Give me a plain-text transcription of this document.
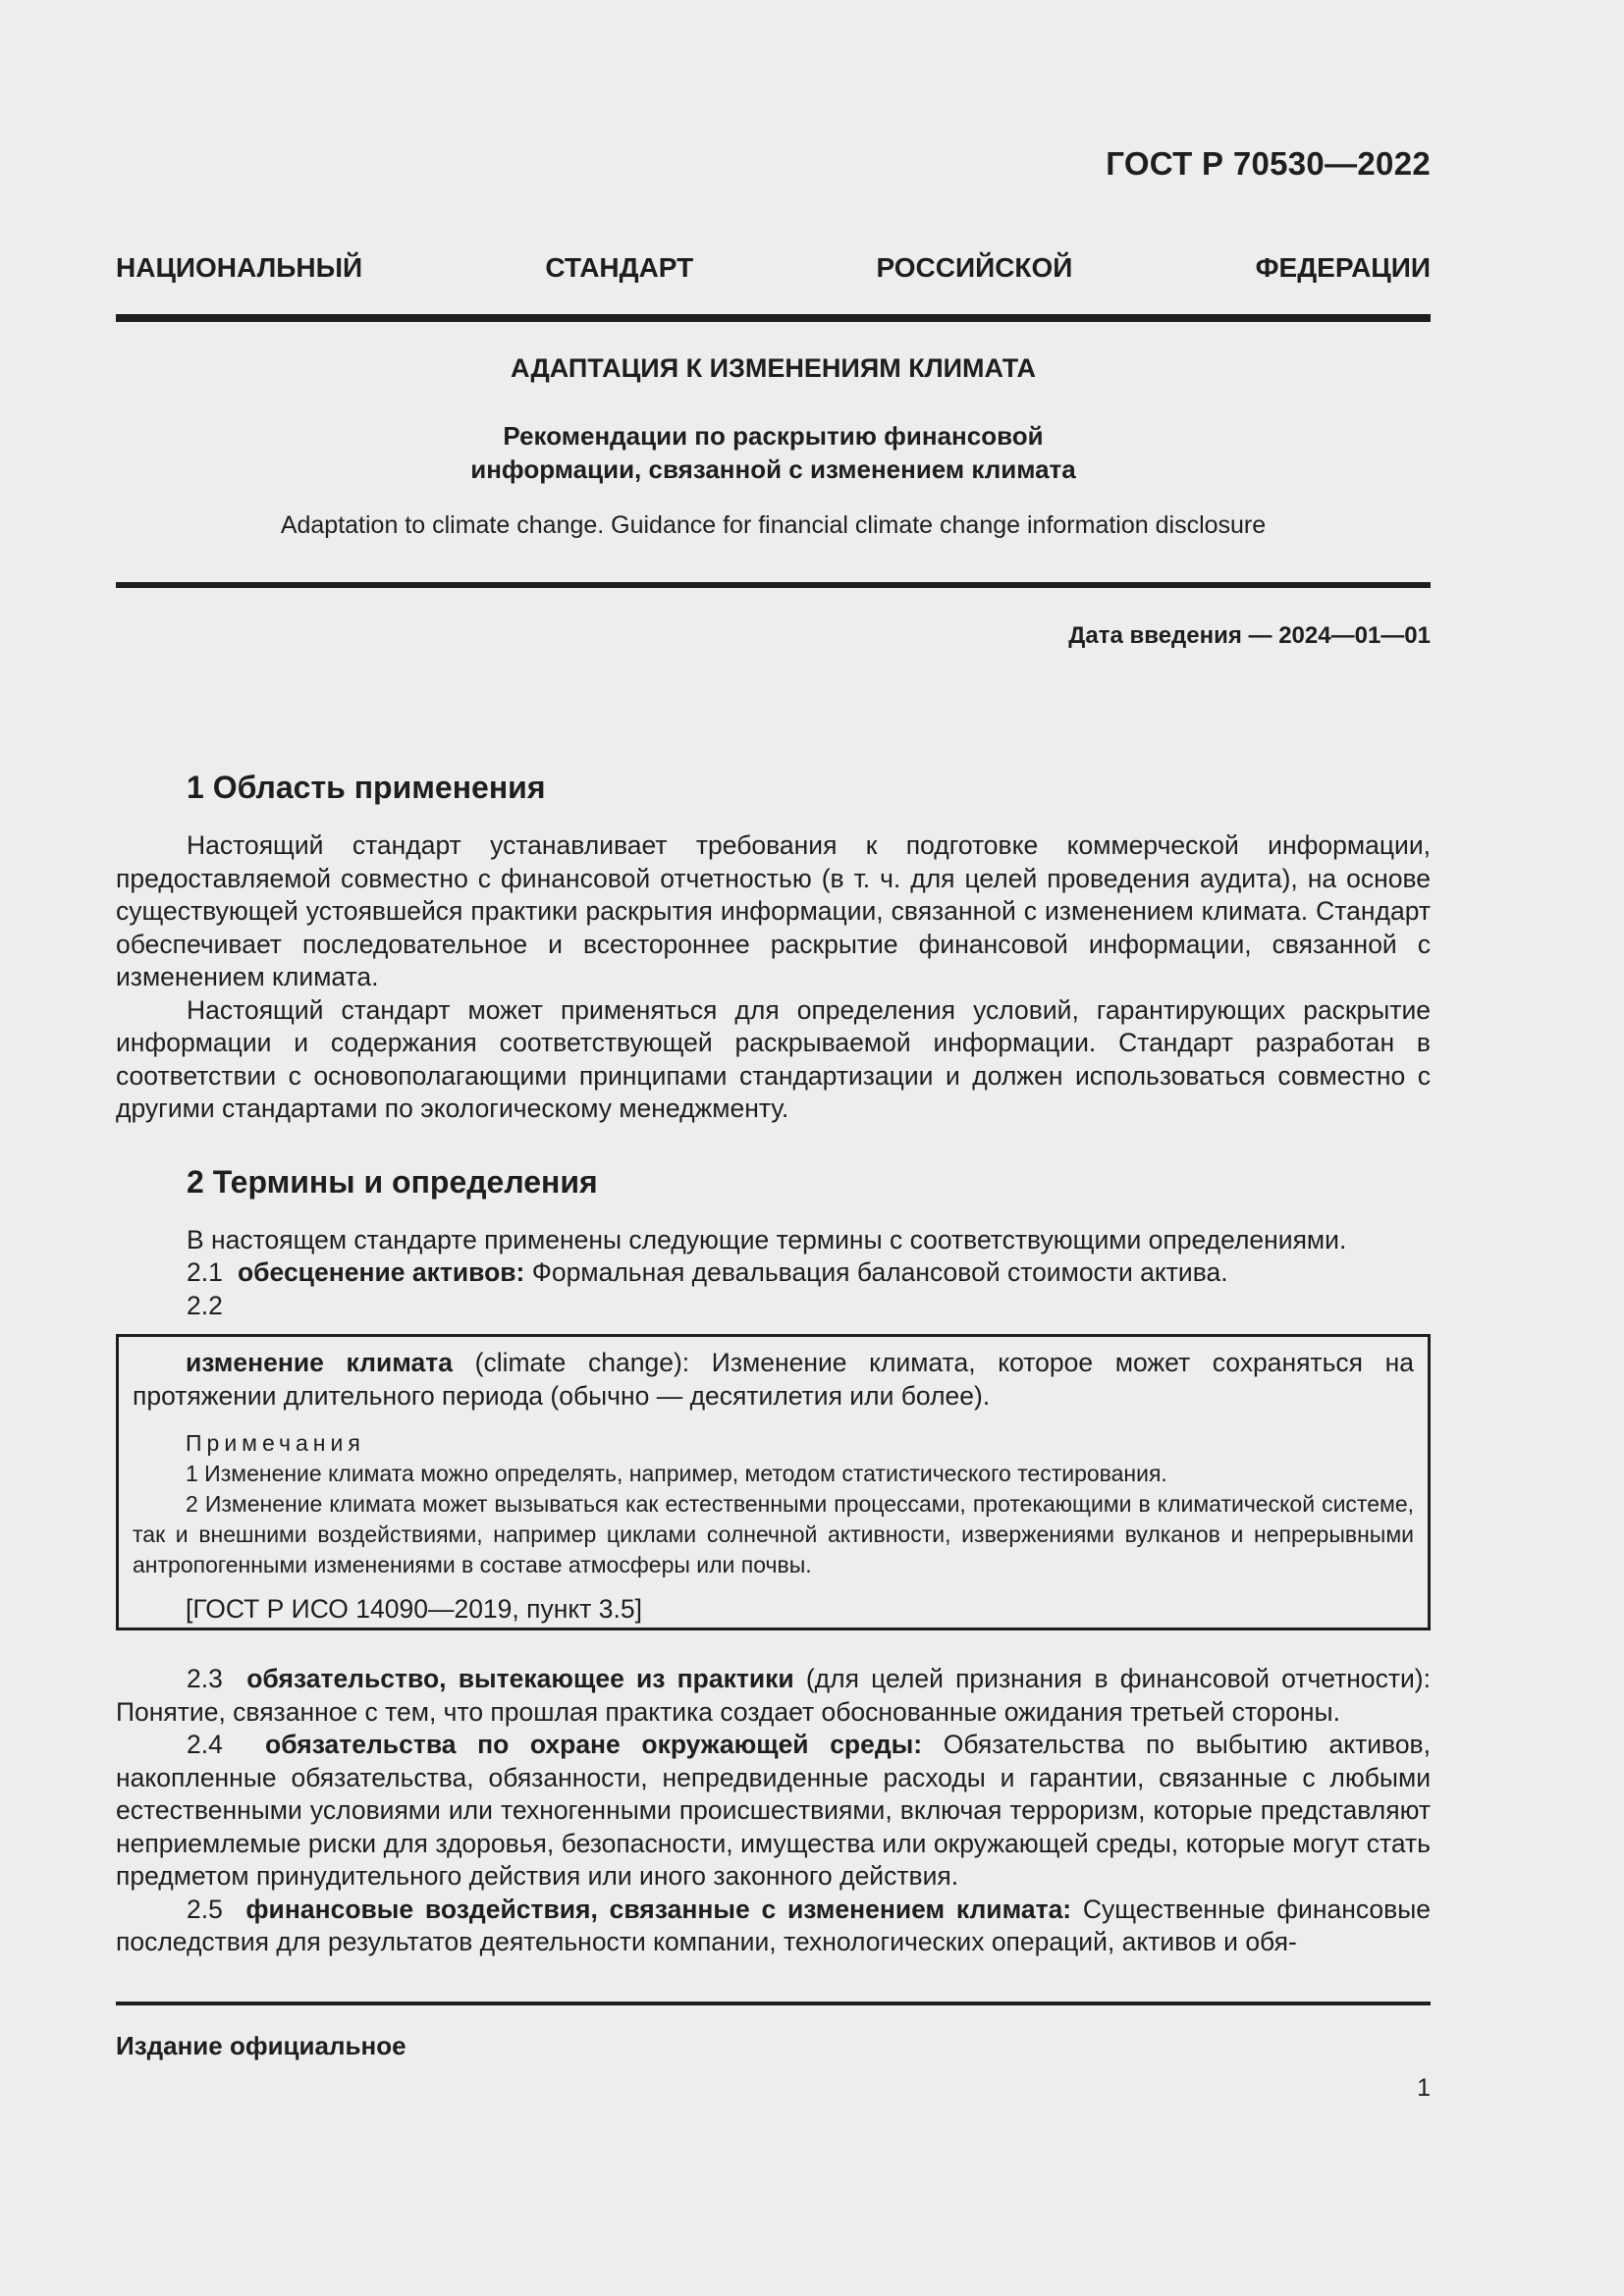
ГОСТ Р 70530—2022
НАЦИОНАЛЬНЫЙ СТАНДАРТ РОССИЙСКОЙ ФЕДЕРАЦИИ
АДАПТАЦИЯ К ИЗМЕНЕНИЯМ КЛИМАТА
Рекомендации по раскрытию финансовой
информации, связанной с изменением климата
Adaptation to climate change. Guidance for financial climate change information disclosure
Дата введения — 2024—01—01
1 Область применения

Настоящий стандарт устанавливает требования к подготовке коммерческой информации, предоставляемой совместно с финансовой отчетностью (в т. ч. для целей проведения аудита), на основе существующей устоявшейся практики раскрытия информации, связанной с изменением климата. Стандарт обеспечивает последовательное и всестороннее раскрытие финансовой информации, связанной с изменением климата.

Настоящий стандарт может применяться для определения условий, гарантирующих раскрытие информации и содержания соответствующей раскрываемой информации. Стандарт разработан в соответствии с основополагающими принципами стандартизации и должен использоваться совместно с другими стандартами по экологическому менеджменту.

2 Термины и определения
В настоящем стандарте применены следующие термины с соответствующими определениями.
2.1 обесценение активов: Формальная девальвация балансовой стоимости актива.
2.2
изменение климата (climate change): Изменение климата, которое может сохраняться на протяжении длительного периода (обычно — десятилетия или более).
Примечания

1 Изменение климата можно определять, например, методом статистического тестирования.

2 Изменение климата может вызываться как естественными процессами, протекающими в климатической системе, так и внешними воздействиями, например циклами солнечной активности, извержениями вулканов и непрерывными антропогенными изменениями в составе атмосферы или почвы.

[ГОСТ Р ИСО 14090—2019, пункт 3.5]

2.3 обязательство, вытекающее из практики (для целей признания в финансовой отчетности): Понятие, связанное с тем, что прошлая практика создает обоснованные ожидания третьей стороны.

2.4 обязательства по охране окружающей среды: Обязательства по выбытию активов, накопленные обязательства, обязанности, непредвиденные расходы и гарантии, связанные с любыми естественными условиями или техногенными происшествиями, включая терроризм, которые представляют неприемлемые риски для здоровья, безопасности, имущества или окружающей среды, которые могут стать предметом принудительного действия или иного законного действия.

2.5 финансовые воздействия, связанные с изменением климата: Существенные финансовые последствия для результатов деятельности компании, технологических операций, активов и обя-

Издание официальное
1
